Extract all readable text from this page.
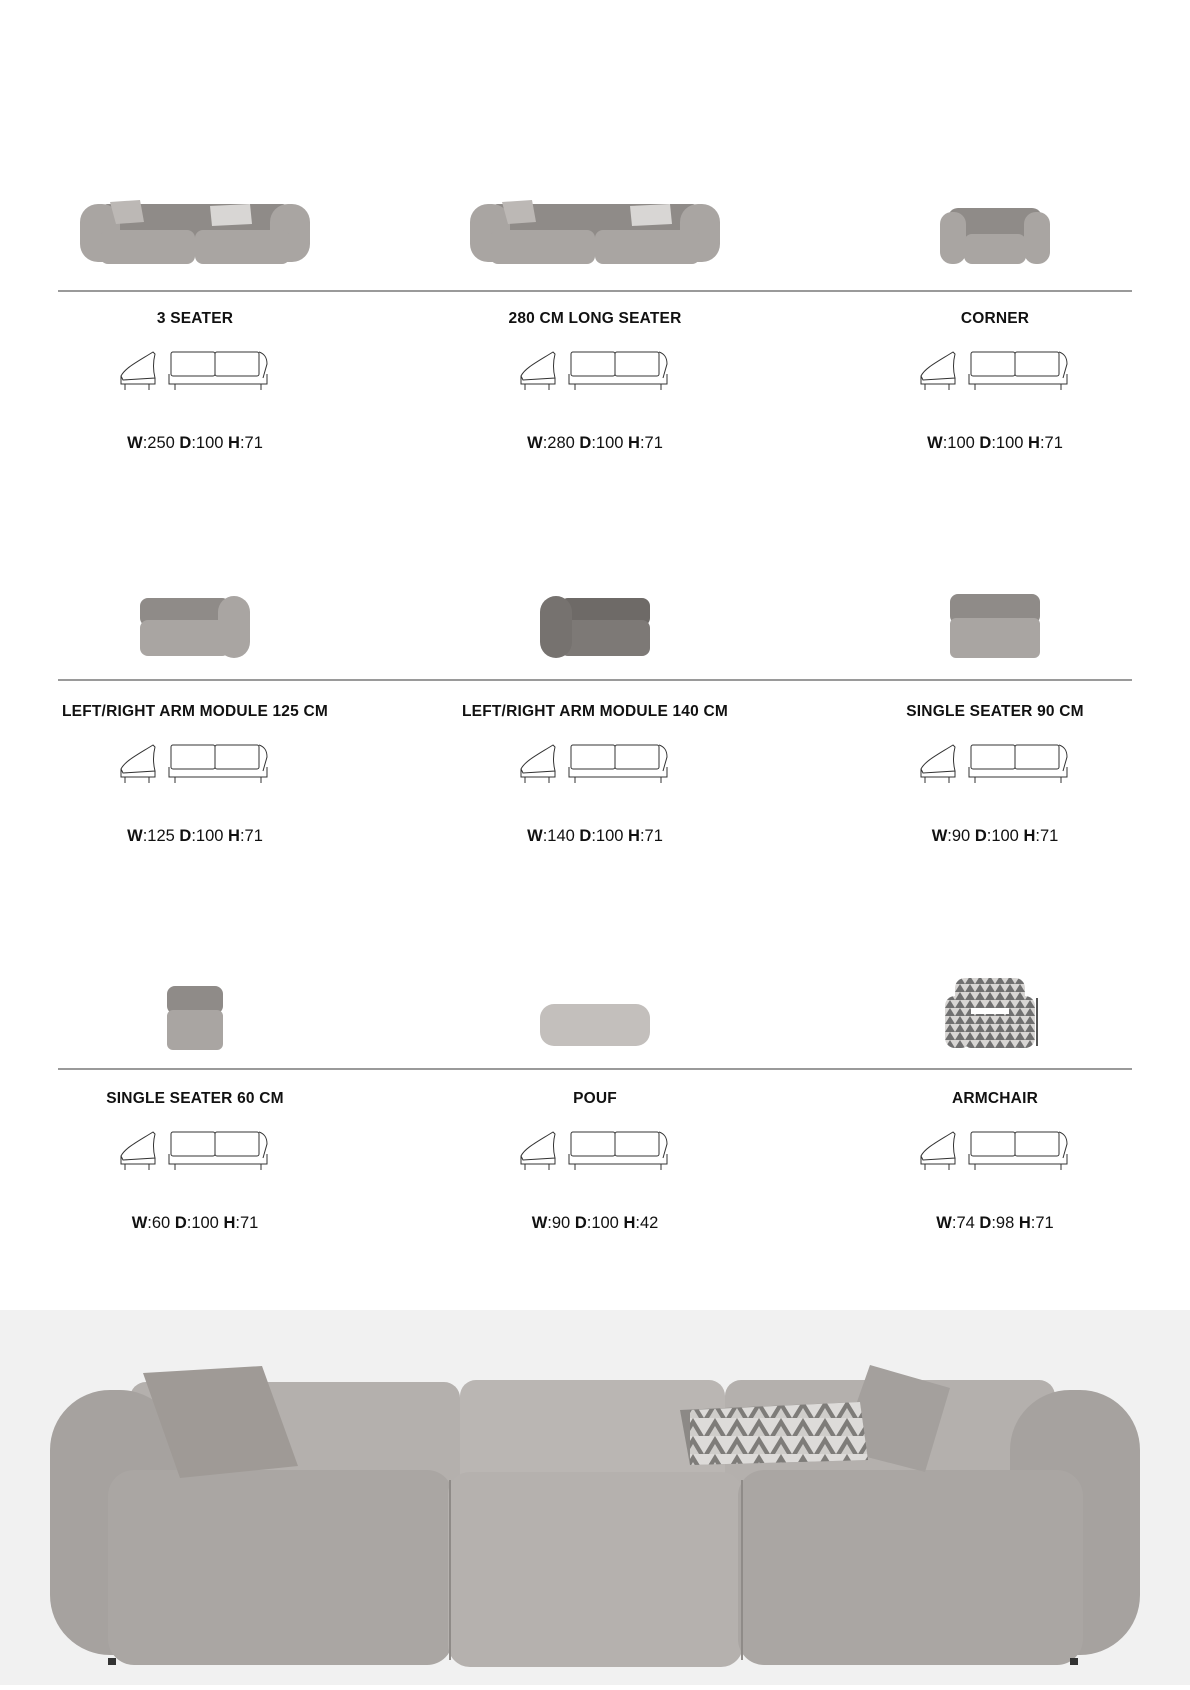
3 SEATER
W:250 D:100 H:71
280 CM LONG SEATER
W:280 D:100 H:71
CORNER
W:100 D:100 H:71
LEFT/RIGHT ARM MODULE 125 CM
W:125 D:100 H:71
LEFT/RIGHT ARM MODULE 140 CM
W:140 D:100 H:71
SINGLE SEATER 90 CM
W:90 D:100 H:71
SINGLE SEATER 60 CM
W:60 D:100 H:71
POUF
W:90 D:100 H:42
ARMCHAIR
W:74 D:98 H:71
